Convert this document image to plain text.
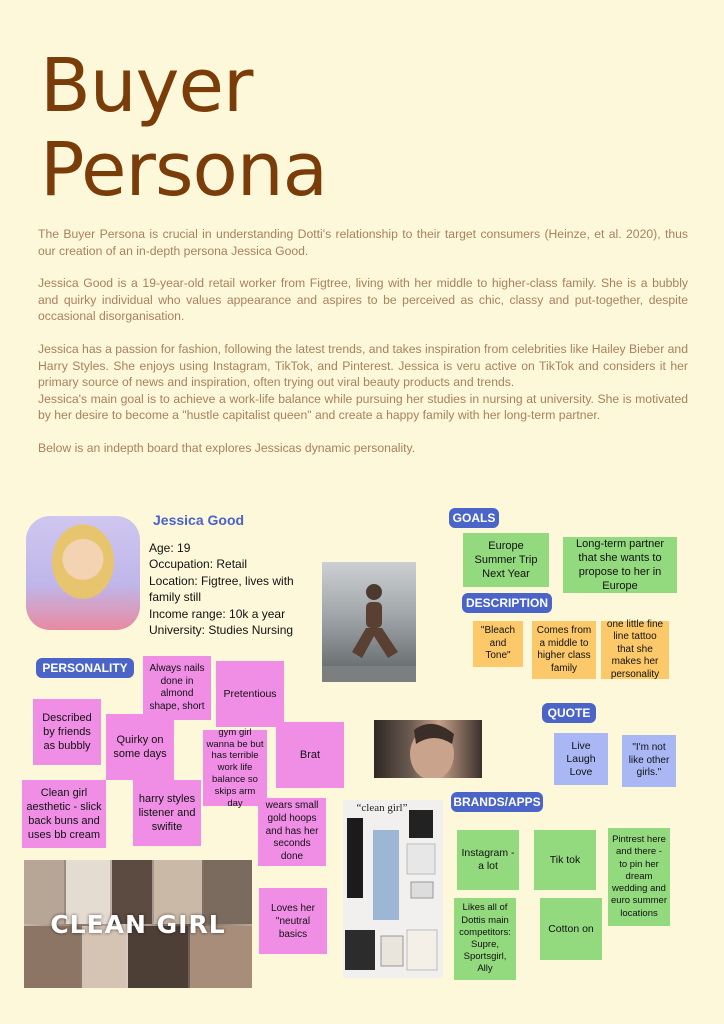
Buyer
Persona

The Buyer Persona is crucial in understanding Dotti's relationship to their target consumers (Heinze, et al. 2020), thus our creation of an in-depth persona Jessica Good.

Jessica Good is a 19-year-old retail worker from Figtree, living with her middle to higher-class family. She is a bubbly and quirky individual who values appearance and aspires to be perceived as chic, classy and put-together, despite occasional disorganisation.

Jessica has a passion for fashion, following the latest trends, and takes inspiration from celebrities like Hailey Bieber and Harry Styles. She enjoys using Instagram, TikTok, and Pinterest. Jessica is veru active on TikTok and considers it her primary source of news and inspiration, often trying out viral beauty products and trends.

Jessica's main goal is to achieve a work-life balance while pursuing her studies in nursing at university. She is motivated by her desire to become a "hustle capitalist queen" and create a happy family with her long-term partner.

Below is an indepth board that explores Jessicas dynamic personality.

Jessica Good
Age: 19
Occupation: Retail
Location: Figtree, lives with family still
Income range: 10k a year
University: Studies Nursing
“clean girl”
CLEAN GIRL
PERSONALITY
GOALS
DESCRIPTION
QUOTE
BRANDS/APPS
Always nails done in almond shape, short
Pretentious
Described by friends as bubbly	Quirky on some days
gym girl wanna be but has terrible work life balance so skips arm day
Brat
Clean girl aesthetic - slick back buns and uses bb cream
harry styles listener and swifite
wears small gold hoops and has her seconds done
Loves her "neutral basics
Europe Summer Trip Next Year
Long-term partner that she wants to propose to her in Europe
"Bleach and Tone"
Comes from a middle to higher class family
one little fine line tattoo that she makes her personality
Live Laugh Love
"I'm not like other girls."
Instagram - a lot	Tik tok
Pintrest here and there - to pin her dream wedding and euro summer locations
Likes all of Dottis main competitors: Supre, Sportsgirl, Ally
Cotton on
